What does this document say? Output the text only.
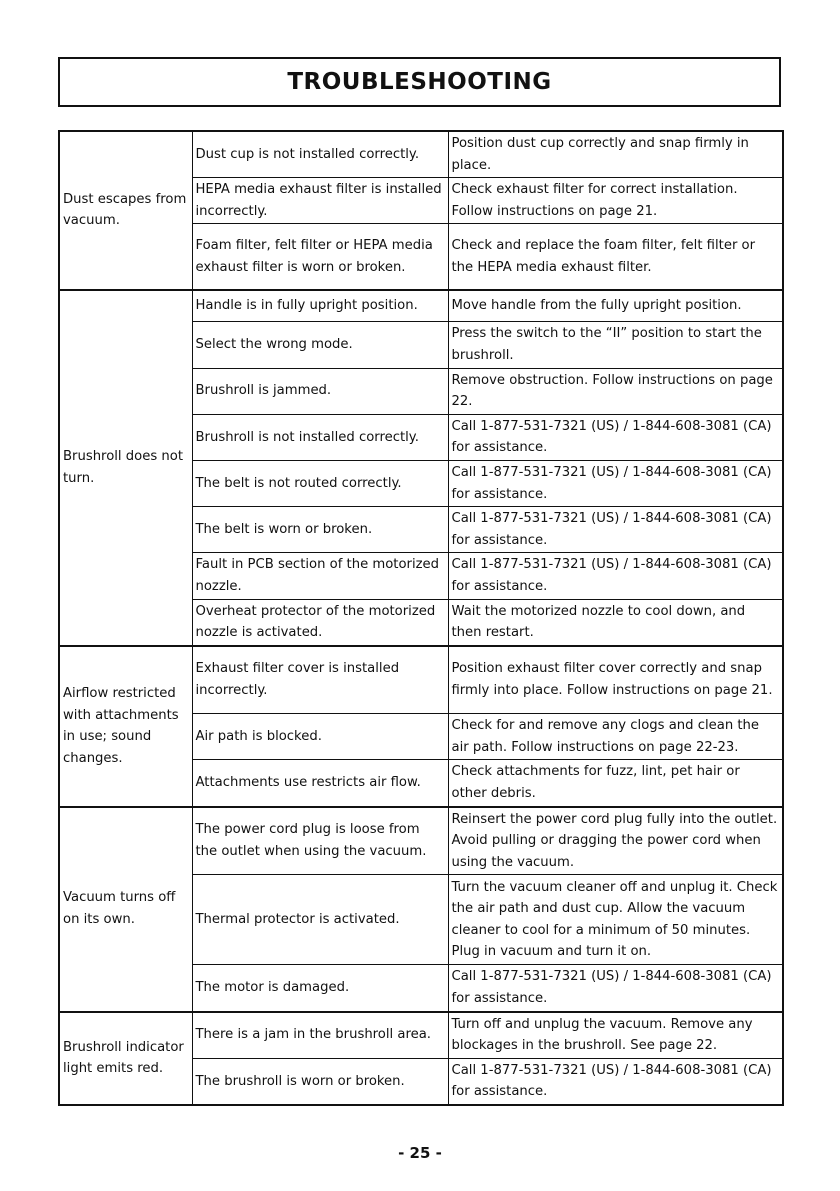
TROUBLESHOOTING
Dust escapes from vacuum.	Dust cup is not installed correctly.	Position dust cup correctly and snap firmly in place.
	HEPA media exhaust filter is installed incorrectly.	Check exhaust filter for correct installation. Follow instructions on page 21.
	Foam filter, felt filter or HEPA media exhaust filter is worn or broken.	Check and replace the foam filter, felt filter or the HEPA media exhaust filter.
Brushroll does not turn.	Handle is in fully upright position.	Move handle from the fully upright position.
	Select the wrong mode.	Press the switch to the “II” position to start the brushroll.
	Brushroll is jammed.	Remove obstruction. Follow instructions on page 22.
	Brushroll is not installed correctly.	Call 1-877-531-7321 (US) / 1-844-608-3081 (CA) for assistance.
	The belt is not routed correctly.	Call 1-877-531-7321 (US) / 1-844-608-3081 (CA) for assistance.
	The belt is worn or broken.	Call 1-877-531-7321 (US) / 1-844-608-3081 (CA) for assistance.
	Fault in PCB section of the motorized nozzle.	Call 1-877-531-7321 (US) / 1-844-608-3081 (CA) for assistance.
	Overheat protector of the motorized nozzle is activated.	Wait the motorized nozzle to cool down, and then restart.
Airflow restricted with attachments in use; sound changes.	Exhaust filter cover is installed incorrectly.	Position exhaust filter cover correctly and snap firmly into place. Follow instructions on page 21.
	Air path is blocked.	Check for and remove any clogs and clean the air path. Follow instructions on page 22-23.
	Attachments use restricts air flow.	Check attachments for fuzz, lint, pet hair or other debris.
Vacuum turns off on its own.	The power cord plug is loose from the outlet when using the vacuum.	Reinsert the power cord plug fully into the outlet. Avoid pulling or dragging the power cord when using the vacuum.
	Thermal protector is activated.	Turn the vacuum cleaner off and unplug it. Check the air path and dust cup. Allow the vacuum cleaner to cool for a minimum of 50 minutes. Plug in vacuum and turn it on.
	The motor is damaged.	Call 1-877-531-7321 (US) / 1-844-608-3081 (CA) for assistance.
Brushroll indicator light emits red.	There is a jam in the brushroll area.	Turn off and unplug the vacuum. Remove any blockages in the brushroll. See page 22.
	The brushroll is worn or broken.	Call 1-877-531-7321 (US) / 1-844-608-3081 (CA) for assistance.
- 25 -
